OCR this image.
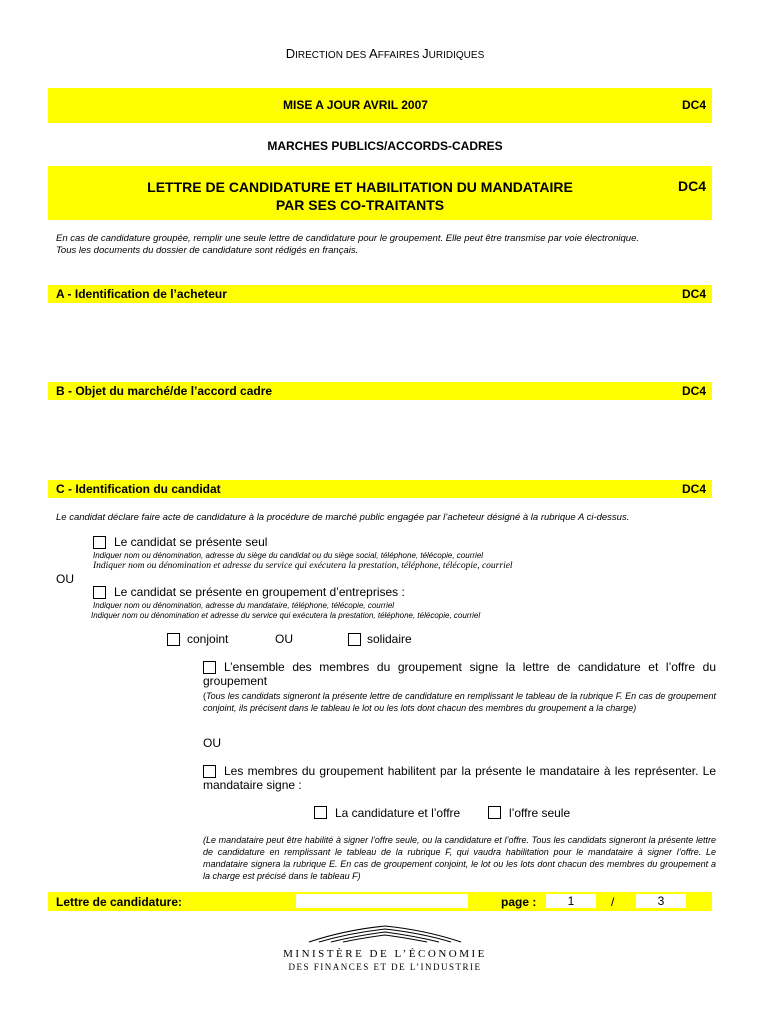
DIRECTION DES AFFAIRES JURIDIQUES
MISE A JOUR AVRIL 2007	DC4
MARCHES PUBLICS/ACCORDS-CADRES
LETTRE DE CANDIDATURE ET HABILITATION DU MANDATAIRE
PAR SES CO-TRAITANTS
DC4
En cas de candidature groupée, remplir une seule lettre de candidature pour le groupement. Elle peut être transmise par voie électronique.
Tous les documents du dossier de candidature sont rédigés en français.
A - Identification de l’acheteur	DC4
B - Objet du marché/de l’accord cadre	DC4
C - Identification du candidat	DC4
Le candidat déclare faire acte de candidature à la procédure de marché public engagée par l’acheteur désigné à la rubrique A ci-dessus.
Le candidat se présente seul
Indiquer nom ou dénomination, adresse du siège du candidat ou du siège social, téléphone, télécopie, courriel
Indiquer nom ou dénomination et adresse du service qui exécutera la prestation, téléphone, télécopie, courriel
OU
Le candidat se présente en groupement d’entreprises :
Indiquer nom ou dénomination, adresse du mandataire, téléphone, télécopie, courriel
Indiquer nom ou dénomination et adresse du service qui exécutera la prestation, téléphone, télécopie, courriel
conjoint	OU	solidaire
L’ensemble des membres du groupement signe la lettre de candidature et l’offre du groupement
(Tous les candidats signeront la présente lettre de candidature en remplissant le tableau de la rubrique F. En cas de groupement conjoint, ils précisent dans le tableau le lot ou les lots dont chacun des membres du groupement a la charge)
OU
Les membres du groupement habilitent par la présente le mandataire à les représenter. Le mandataire signe :
La candidature et l’offre	l’offre seule
(Le mandataire peut être habilité à signer l’offre seule, ou la candidature et l’offre. Tous les candidats signeront la présente lettre de candidature en remplissant le tableau de la rubrique F, qui vaudra habilitation pour le mandataire à signer l’offre. Le mandataire signera la rubrique E. En cas de groupement conjoint, le lot ou les lots dont chacun des membres du groupement a la charge est précisé dans le tableau F)
Lettre de candidature:	page :	1	/	3
MINISTÈRE DE L’ÉCONOMIE
DES FINANCES ET DE L’INDUSTRIE
